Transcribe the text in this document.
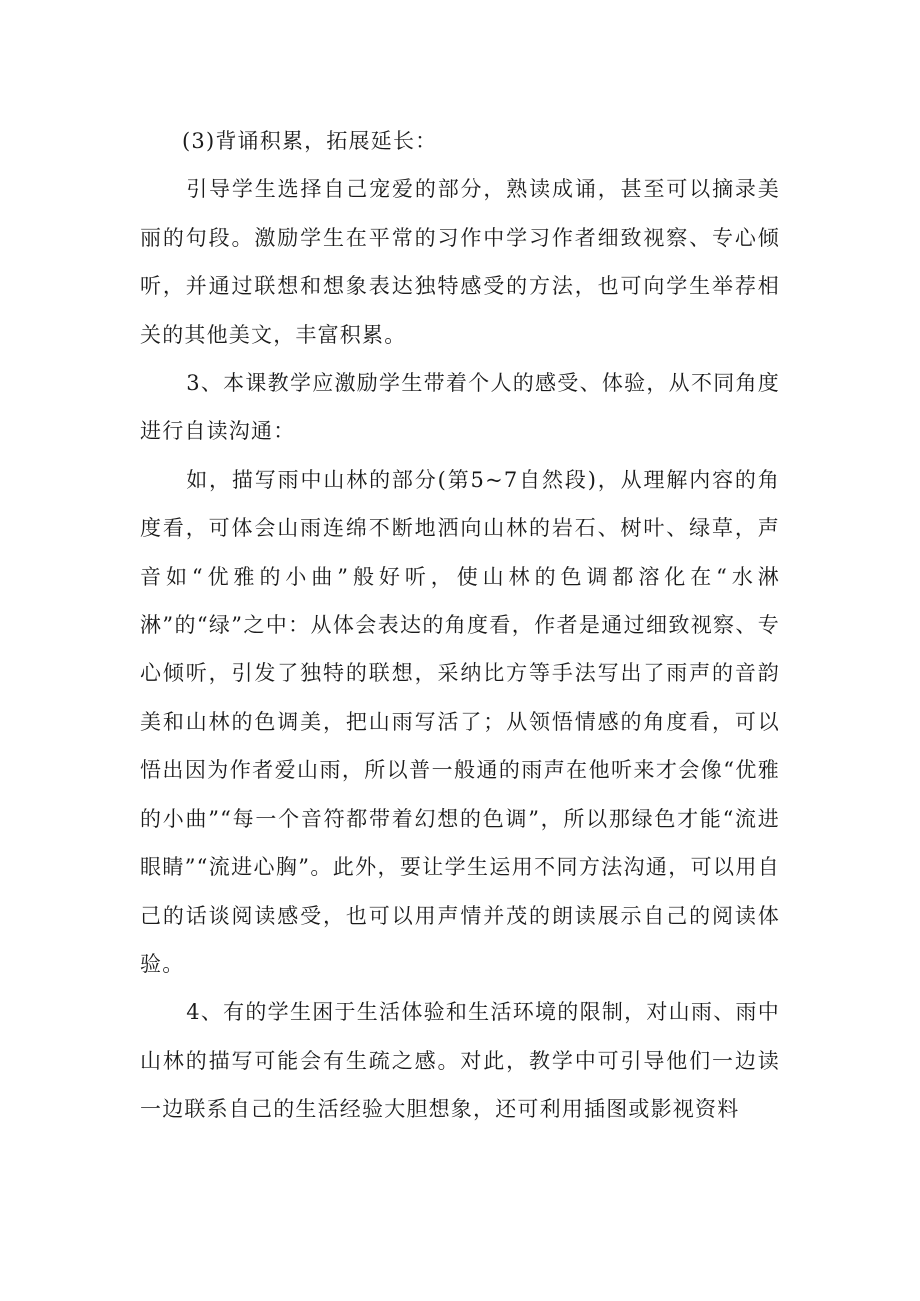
(3)背诵积累，拓展延长：

引导学生选择自己宠爱的部分，熟读成诵，甚至可以摘录美丽的句段。激励学生在平常的习作中学习作者细致视察、专心倾听，并通过联想和想象表达独特感受的方法，也可向学生举荐相关的其他美文，丰富积累。

3、本课教学应激励学生带着个人的感受、体验，从不同角度进行自读沟通：

如，描写雨中山林的部分(第5~7自然段)，从理解内容的角度看，可体会山雨连绵不断地洒向山林的岩石、树叶、绿草，声音如“优雅的小曲”般好听，使山林的色调都溶化在“水淋淋”的“绿”之中：从体会表达的角度看，作者是通过细致视察、专心倾听，引发了独特的联想，采纳比方等手法写出了雨声的音韵美和山林的色调美，把山雨写活了；从领悟情感的角度看，可以悟出因为作者爱山雨，所以普一般通的雨声在他听来才会像“优雅的小曲”“每一个音符都带着幻想的色调”，所以那绿色才能“流进眼睛”“流进心胸”。此外，要让学生运用不同方法沟通，可以用自己的话谈阅读感受，也可以用声情并茂的朗读展示自己的阅读体验。

4、有的学生困于生活体验和生活环境的限制，对山雨、雨中山林的描写可能会有生疏之感。对此，教学中可引导他们一边读一边联系自己的生活经验大胆想象，还可利用插图或影视资料
